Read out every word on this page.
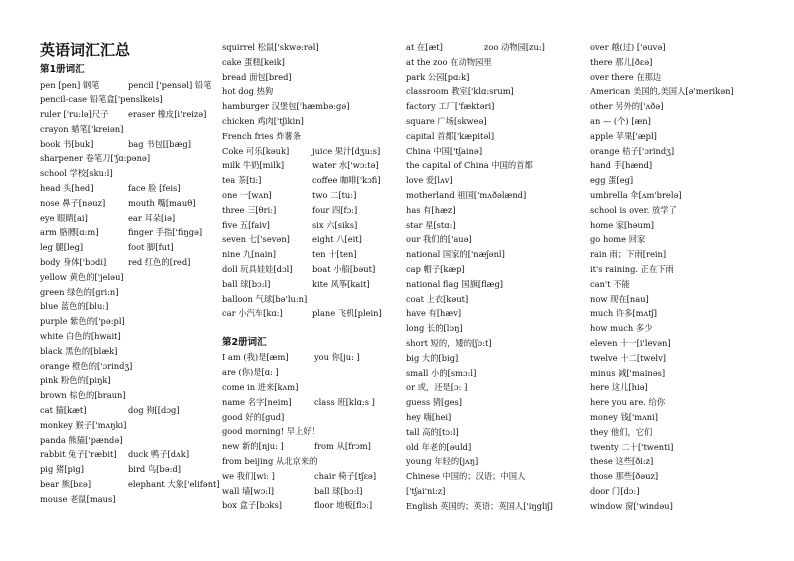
英语词汇汇总
第1册词汇
pen [pen] 钢笔	pencil ['pensəl] 铅笔
pencil-case 铅笔盒['penslkeis]
ruler ['ru:lə]尺子 eraser 橡皮[i'reizə]
crayon 蜡笔['kreiən]
book 书[buk]	bag 书包[[bæg]
sharpener 卷笔刀['ʃɑ:pənə]
school 学校[sku:l]
head 头[hed]	face 脸 [feis]
nose 鼻子[nəuz]	mouth 嘴[mauθ]
eye 眼睛[ai]	ear 耳朵[iə]
arm 胳膊[ɑ:m]	finger 手指['fiŋgə]
leg 腿[leg]	foot 脚[fut]
body 身体['bɔdi]	red 红色的[red]
yellow 黄色的['jeləu]
green 绿色的[gri:n]
blue 蓝色的[blu:]
purple 紫色的['pə:pl]
white 白色的[hwait]
black 黑色的[blæk]
orange 橙色的['ɔrindʒ]
pink 粉色的[piŋk]
brown 棕色的[braun]
cat 猫[kæt]	dog 狗[[dɔg]
monkey 猴子['mʌŋki]
panda 熊猫['pændə]
rabbit 兔子['ræbit] duck 鸭子[dʌk]
pig 猪[pig]	bird 鸟[bə:d]
bear 熊[bɛə]	elephant 大象['elifənt]
mouse 老鼠[maus]
squirrel 松鼠['skwə:rəl]
cake 蛋糕[keik]
bread 面包[bred]
hot dog 热狗
hamburger 汉堡包['hæmbə:gə]
chicken 鸡肉['tʃikin]
French fries 炸薯条
Coke 可乐[kəuk]	juice 果汁[dʒu:s]
milk 牛奶[milk]	water 水['wɔ:tə]
tea 茶[ti:]	coffee 咖啡['kɔfi]
one 一[wʌn]	two 二[tu:]
three 三[θri:]	four 四[fɔ:]
five 五[faiv]	six 六[siks]
seven 七['sevən]	eight 八[eit]
nine 九[nain]	ten 十[ten]
doll 玩具娃娃[dɔl] boat 小船[bəut]
ball 球[bɔ:l]	kite 风筝[kait]
balloon 气球[bə'lu:n]
car 小汽车[kɑ:]	plane 飞机[plein]
第2册词汇
I am (我)是[æm]	you 你[ju: ]
are (你)是[ɑ: ]
come in 进来[kʌm]
name 名字[neim]	class 班[klɑ:s ]
good 好的[gud]
good morning! 早上好！
new 新的[nju: ]	from 从[frɔm]
from beijing 从北京来的
we 我们[wi: ]	chair 椅子[tʃɛə]
wall 墙[wɔ:l]	ball 球[bɔ:l]
box 盒子[bɔks]	floor 地板[flɔ:]
at 在[æt]	zoo 动物园[zu:]
at the zoo 在动物园里
park 公园[pɑ:k]
classroom 教室['klɑ:srum]
factory 工厂['fæktəri]
square 广场[skweə]
capital 首都['kæpitəl]
China 中国['tʃainə]
the capital of China 中国的首都
love 爱[lʌv]
motherland 祖国['mʌðəlænd]
has 有[hæz]
star 星[stɑ:]
our 我们的['auə]
national 国家的['næʃənl]
cap 帽子[kæp]
national flag 国旗[flæg]
coat 上衣[kəut]
have 有[hæv]
long 长的[lɔŋ]
short 短的，矮的[ʃɔ:t]
big 大的[big]
small 小的[smɔ:l]
or 或，还是[ɔ: ]
guess 猜[ges]
hey 嗨[hei]
tall 高的[tɔ:l]
old 年老的[əuld]
young 年轻的[jʌŋ]
Chinese 中国的；汉语；中国人
['tʃai'ni:z]
English 英国的；英语；英国人['iŋgliʃ]
over 越(过) ['əuvə]
there 那儿[ðɛə]
over there 在那边
American 美国的,美国人[ə'merikən]
other 另外的['ʌðə]
an — (个) [æn]
apple 苹果['æpl]
orange 桔子['ɔrindʒ]
hand 手[hænd]
egg 蛋[eg]
umbrella 伞[ʌm'brelə]
school is over. 放学了
home 家[həum]
go home 回家
rain 雨；下雨[rein]
it's raining. 正在下雨
can't 不能
now 现在[nau]
much 许多[mʌtʃ]
how much 多少
eleven 十一[i'levən]
twelve 十二[twelv]
minus 减['mainəs]
here 这儿[hiə]
here you are. 给你
money 钱['mʌni]
they 他们，它们
twenty 二十['twenti]
these 这些[ði:z]
those 那些[ðəuz]
door 门[dɔ:]
window 窗['windəu]
